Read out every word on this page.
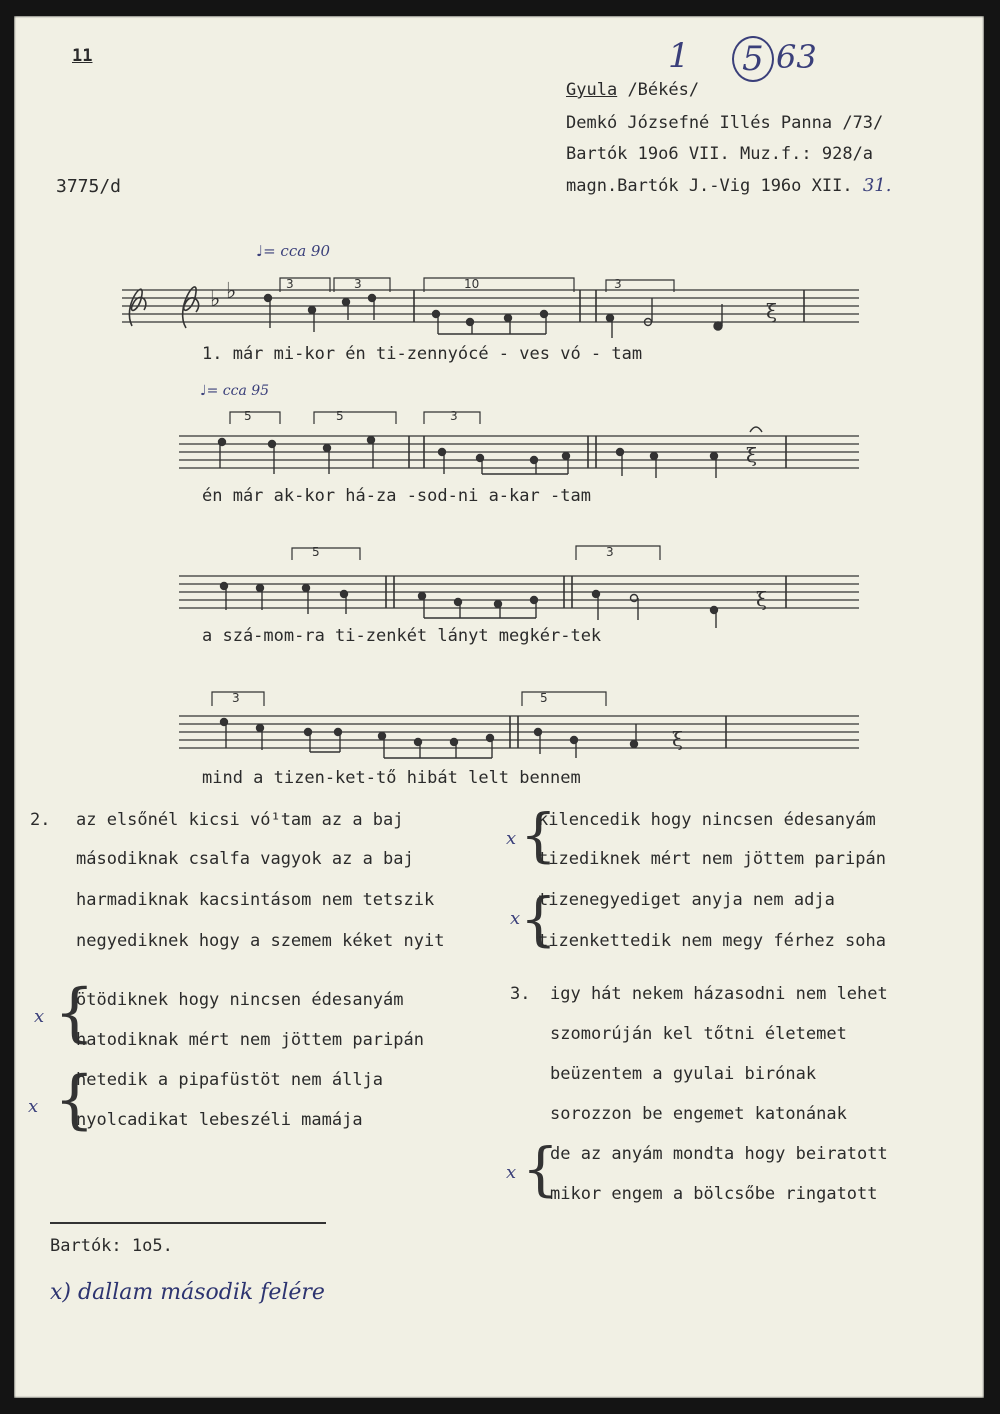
11	1 5 63
Gyula /Békés/
Demkó Józsefné Illés Panna /73/
Bartók 19o6 VII. Muz.f.: 928/a
magn.Bartók J.-Vig 196o XII. 31.
3775/d
♩= cca 90
♩= cca 95
♭ ♭
ξ
ξ
ξ
ξ
3	3	10	3
5	5	3
5	3
3	5
1. már mi-kor én ti-zennyócé - ves vó - tam
én már ak-kor há-za -sod-ni a-kar -tam
a szá-mom-ra ti-zenkét lányt megkér-tek
mind a tizen-ket-tő hibát lelt bennem
2. az elsőnél kicsi vó¹tam az a baj
másodiknak csalfa vagyok az a baj
harmadiknak kacsintásom nem tetszik
negyediknek hogy a szemem kéket nyit
x {
ötödiknek hogy nincsen édesanyám
hatodiknak mért nem jöttem paripán
x {
hetedik a pipafüstöt nem állja
nyolcadikat lebeszéli mamája
x {
kilencedik hogy nincsen édesanyám
tizediknek mért nem jöttem paripán
x {
tizenegyediget anyja nem adja
tizenkettedik nem megy férhez soha
3. igy hát nekem házasodni nem lehet
szomorúján kel tőtni életemet
beüzentem a gyulai birónak
sorozzon be engemet katonának
x {
de az anyám mondta hogy beiratott
mikor engem a bölcsőbe ringatott
Bartók: 1o5.
x) dallam második felére
